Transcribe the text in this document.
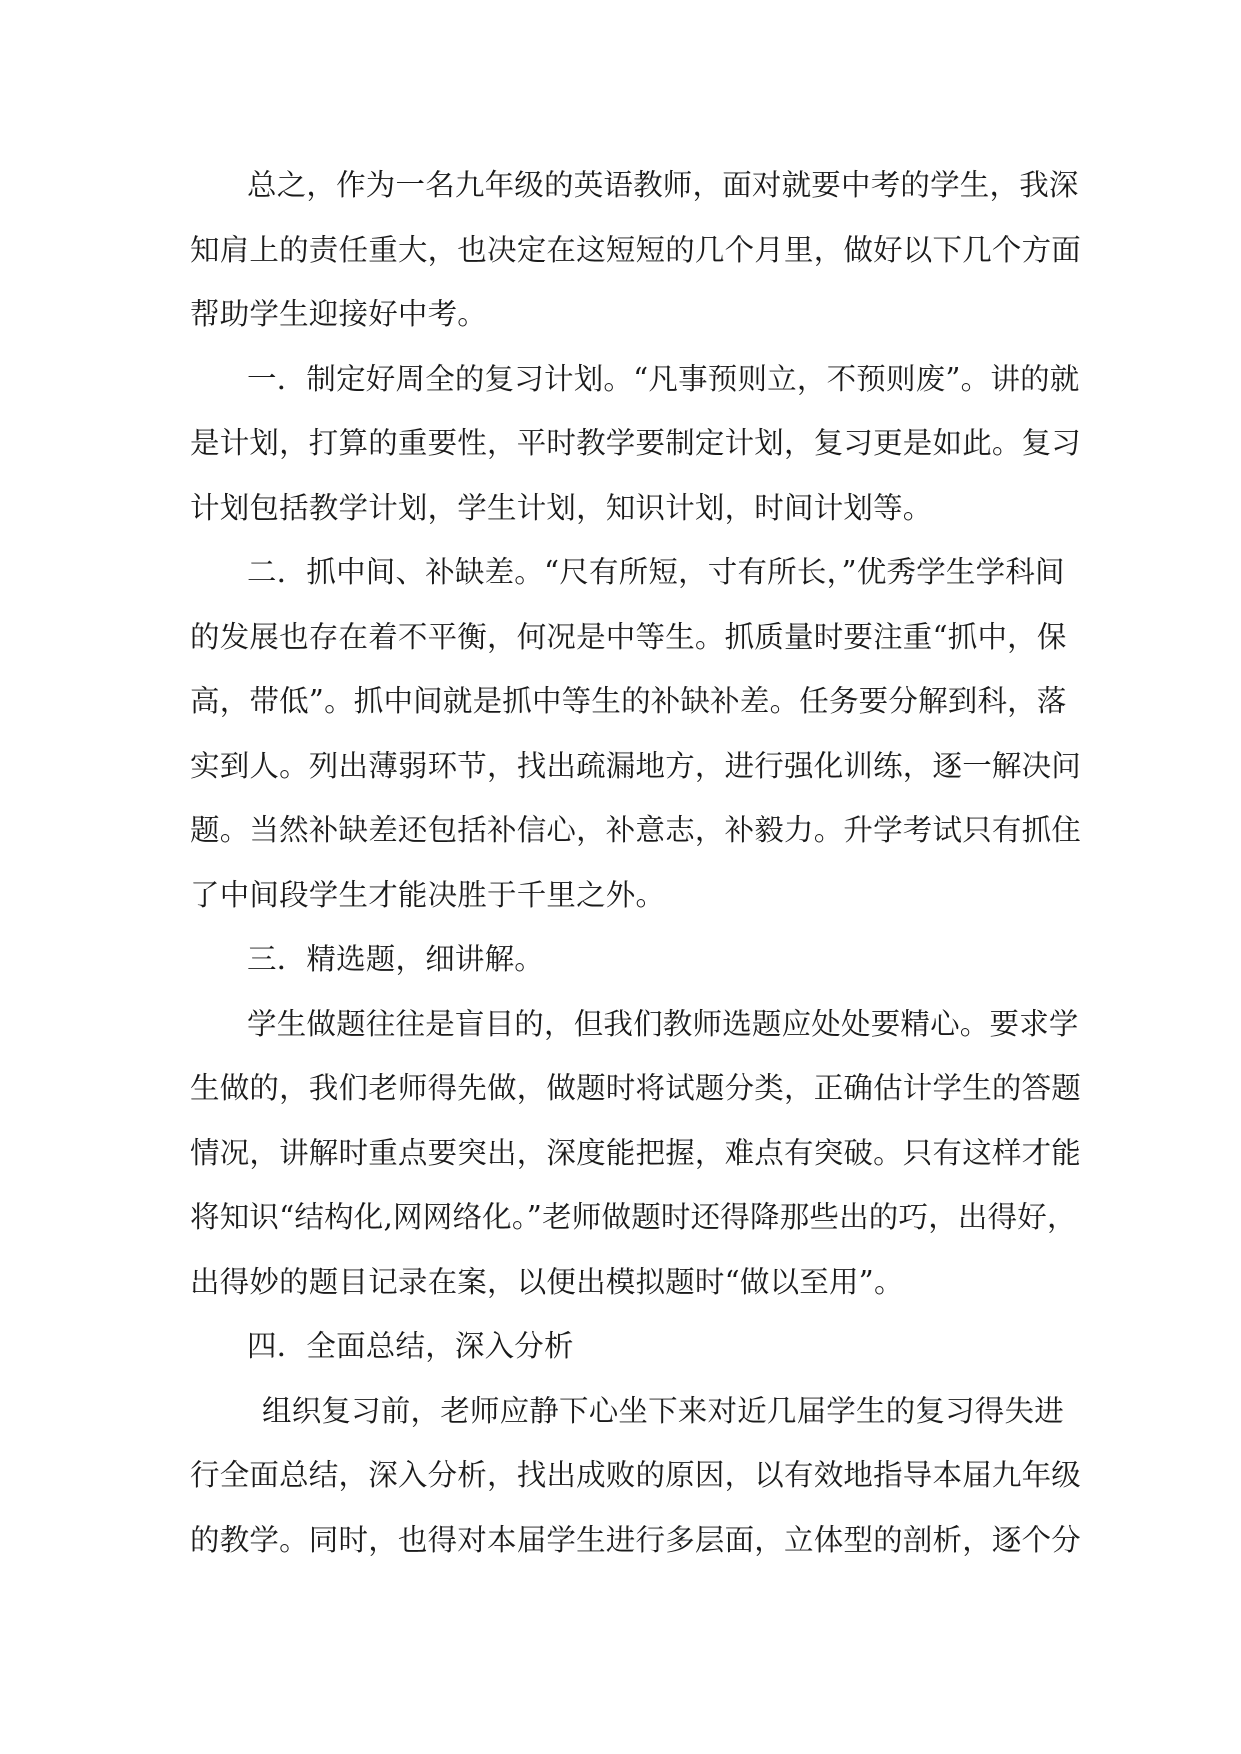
总之，作为一名九年级的英语教师，面对就要中考的学生，我深
知肩上的责任重大，也决定在这短短的几个月里，做好以下几个方面
帮助学生迎接好中考。
一．制定好周全的复习计划。“凡事预则立，不预则废”。讲的就
是计划，打算的重要性，平时教学要制定计划，复习更是如此。复习
计划包括教学计划，学生计划，知识计划，时间计划等。
二．抓中间、补缺差。“尺有所短，寸有所长，”优秀学生学科间
的发展也存在着不平衡，何况是中等生。抓质量时要注重“抓中，保
高，带低”。抓中间就是抓中等生的补缺补差。任务要分解到科，落
实到人。列出薄弱环节，找出疏漏地方，进行强化训练，逐一解决问
题。当然补缺差还包括补信心，补意志，补毅力。升学考试只有抓住
了中间段学生才能决胜于千里之外。
三．精选题，细讲解。
学生做题往往是盲目的，但我们教师选题应处处要精心。要求学
生做的，我们老师得先做，做题时将试题分类，正确估计学生的答题
情况，讲解时重点要突出，深度能把握，难点有突破。只有这样才能
将知识“结构化,网网络化。”老师做题时还得降那些出的巧，出得好，
出得妙的题目记录在案，以便出模拟题时“做以至用”。
四．全面总结，深入分析
组织复习前，老师应静下心坐下来对近几届学生的复习得失进
行全面总结，深入分析，找出成败的原因，以有效地指导本届九年级
的教学。同时，也得对本届学生进行多层面，立体型的剖析，逐个分
